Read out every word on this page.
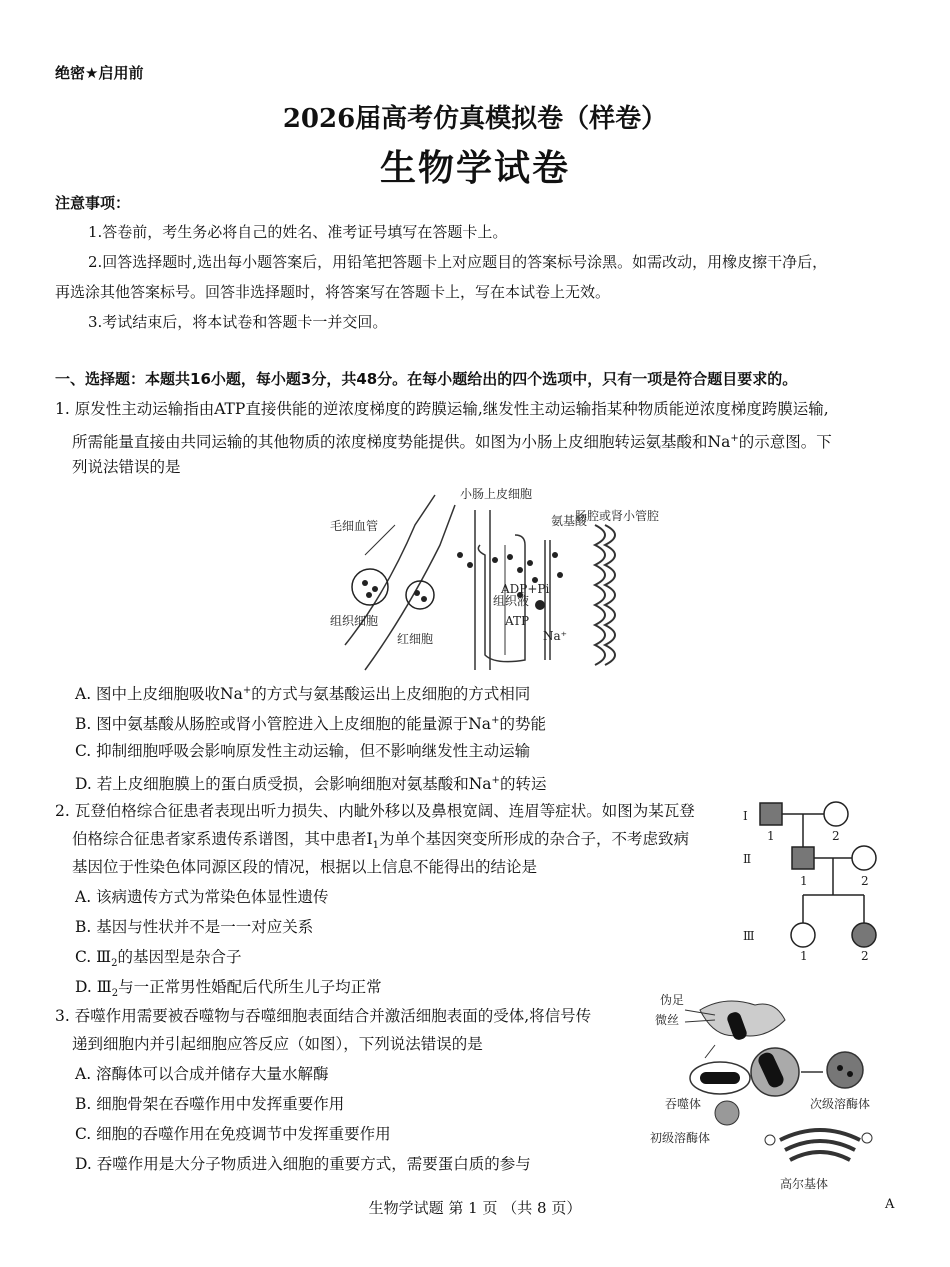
绝密★启用前
2026届高考仿真模拟卷（样卷）
生物学试卷
注意事项：
1.答卷前，考生务必将自己的姓名、准考证号填写在答题卡上。
2.回答选择题时,选出每小题答案后，用铅笔把答题卡上对应题目的答案标号涂黑。如需改动，用橡皮擦干净后，
再选涂其他答案标号。回答非选择题时，将答案写在答题卡上，写在本试卷上无效。
3.考试结束后，将本试卷和答题卡一并交回。
一、选择题：本题共16小题，每小题3分，共48分。在每小题给出的四个选项中，只有一项是符合题目要求的。
1. 原发性主动运输指由ATP直接供能的逆浓度梯度的跨膜运输,继发性主动运输指某种物质能逆浓度梯度跨膜运输,
所需能量直接由共同运输的其他物质的浓度梯度势能提供。如图为小肠上皮细胞转运氨基酸和Na+的示意图。下
列说法错误的是
小肠上皮细胞
毛细血管
组织细胞
红细胞
组织液
ADP+Pi
ATP
氨基酸
肠腔或肾小管腔
Na⁺
A. 图中上皮细胞吸收Na+的方式与氨基酸运出上皮细胞的方式相同
B. 图中氨基酸从肠腔或肾小管腔进入上皮细胞的能量源于Na+的势能
C. 抑制细胞呼吸会影响原发性主动运输，但不影响继发性主动运输
D. 若上皮细胞膜上的蛋白质受损，会影响细胞对氨基酸和Na+的转运
2. 瓦登伯格综合征患者表现出听力损失、内眦外移以及鼻根宽阔、连眉等症状。如图为某瓦登
伯格综合征患者家系遗传系谱图，其中患者$Ⅰ_1$为单个基因突变所形成的杂合子，不考虑致病
基因位于性染色体同源区段的情况，根据以上信息不能得出的结论是
A. 该病遗传方式为常染色体显性遗传
B. 基因与性状并不是一一对应关系
C. $Ⅲ_2$的基因型是杂合子
D. $Ⅲ_2$与一正常男性婚配后代所生儿子均正常
Ⅰ
Ⅱ
Ⅲ
1	2
1	2
1	2
3. 吞噬作用需要被吞噬物与吞噬细胞表面结合并激活细胞表面的受体,将信号传
递到细胞内并引起细胞应答反应（如图），下列说法错误的是
A. 溶酶体可以合成并储存大量水解酶
B. 细胞骨架在吞噬作用中发挥重要作用
C. 细胞的吞噬作用在免疫调节中发挥重要作用
D. 吞噬作用是大分子物质进入细胞的重要方式，需要蛋白质的参与
伪足
微丝
吞噬体	次级溶酶体
初级溶酶体
高尔基体
生物学试题 第 1 页 （共 8 页）	A
